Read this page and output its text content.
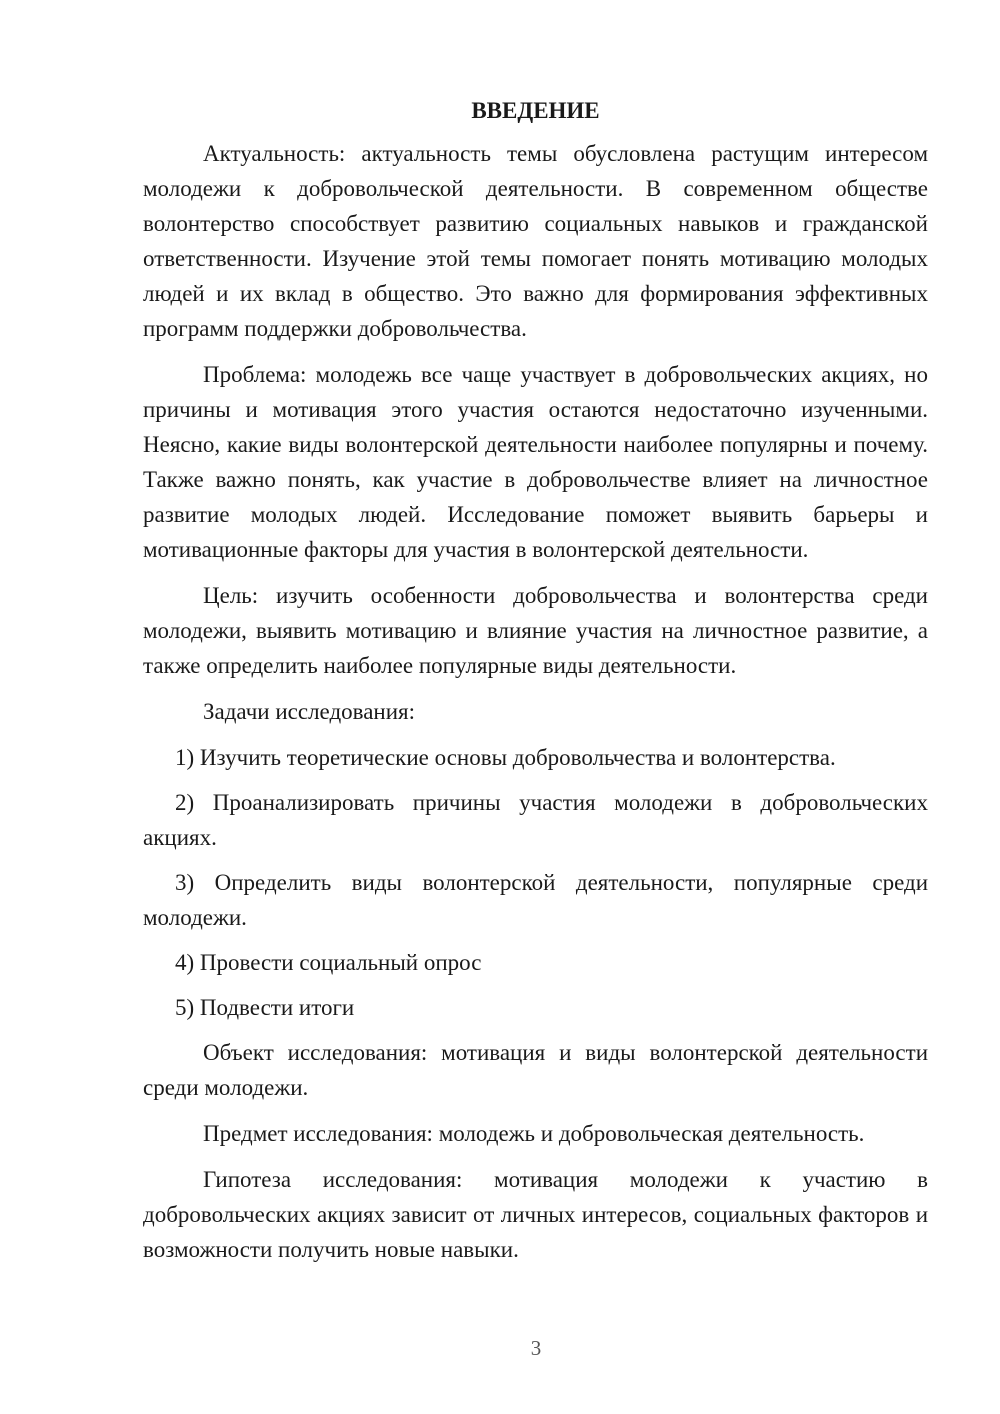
ВВЕДЕНИЕ

Актуальность: актуальность темы обусловлена растущим интересом молодежи к добровольческой деятельности. В современном обществе волонтерство способствует развитию социальных навыков и гражданской ответственности. Изучение этой темы помогает понять мотивацию молодых людей и их вклад в общество. Это важно для формирования эффективных программ поддержки добровольчества.

Проблема: молодежь все чаще участвует в добровольческих акциях, но причины и мотивация этого участия остаются недостаточно изученными. Неясно, какие виды волонтерской деятельности наиболее популярны и почему. Также важно понять, как участие в добровольчестве влияет на личностное развитие молодых людей. Исследование поможет выявить барьеры и мотивационные факторы для участия в волонтерской деятельности.

Цель: изучить особенности добровольчества и волонтерства среди молодежи, выявить мотивацию и влияние участия на личностное развитие, а также определить наиболее популярные виды деятельности.

Задачи исследования:

1) Изучить теоретические основы добровольчества и волонтерства.

2) Проанализировать причины участия молодежи в добровольческих акциях.

3) Определить виды волонтерской деятельности, популярные среди молодежи.

4) Провести социальный опрос

5) Подвести итоги

Объект исследования: мотивация и виды волонтерской деятельности среди молодежи.

Предмет исследования: молодежь и добровольческая деятельность.

Гипотеза исследования: мотивация молодежи к участию в добровольческих акциях зависит от личных интересов, социальных факторов и возможности получить новые навыки.

3
